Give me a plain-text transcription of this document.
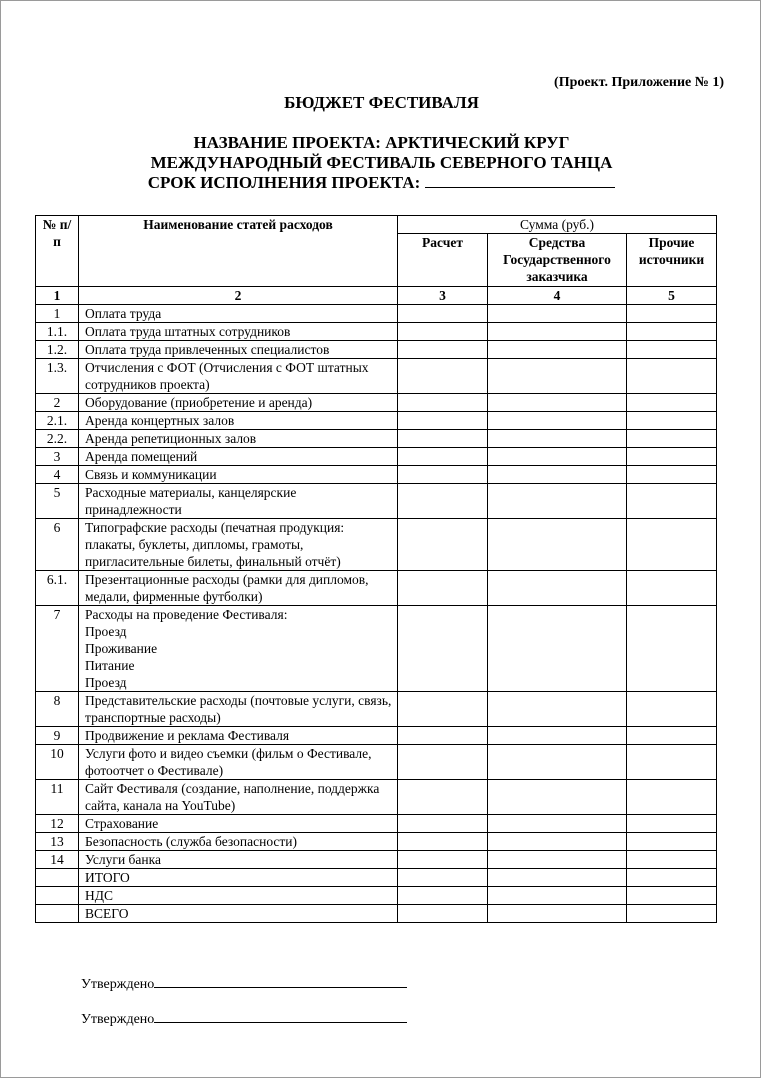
(Проект. Приложение № 1)
БЮДЖЕТ ФЕСТИВАЛЯ
НАЗВАНИЕ ПРОЕКТА: АРКТИЧЕСКИЙ КРУГ
МЕЖДУНАРОДНЫЙ ФЕСТИВАЛЬ СЕВЕРНОГО ТАНЦА
СРОК ИСПОЛНЕНИЯ ПРОЕКТА:
№ п/п	Наименование статей расходов	Сумма (руб.)		
		Расчет	Средства Государственного заказчика	Прочие источники
1	2	3	4	5
1	Оплата труда			

1.1.	Оплата труда штатных сотрудников			

1.2.	Оплата труда привлеченных специалистов			

1.3.	Отчисления с ФОТ (Отчисления с ФОТ штатных сотрудников проекта)			

2	Оборудование (приобретение и аренда)			

2.1.	Аренда концертных залов			

2.2.	Аренда репетиционных залов			

3	Аренда помещений			

4	Связь и коммуникации			

5	Расходные материалы, канцелярские принадлежности			

6	Типографские расходы (печатная продукция: плакаты, буклеты, дипломы, грамоты, пригласительные билеты, финальный отчёт)			

6.1.	Презентационные расходы (рамки для дипломов, медали, фирменные футболки)			

7	Расходы на проведение Фестиваля:
Проезд
Проживание
Питание
Проезд			

8	Представительские расходы (почтовые услуги, связь, транспортные расходы)			

9	Продвижение и реклама Фестиваля			

10	Услуги фото и видео съемки (фильм о Фестивале, фотоотчет о Фестивале)			

11	Сайт Фестиваля (создание, наполнение, поддержка сайта, канала на YouTube)			

12	Страхование			

13	Безопасность (служба безопасности)			

14	Услуги банка			

	ИТОГО			

	НДС			

	ВСЕГО			

Утверждено
Утверждено
